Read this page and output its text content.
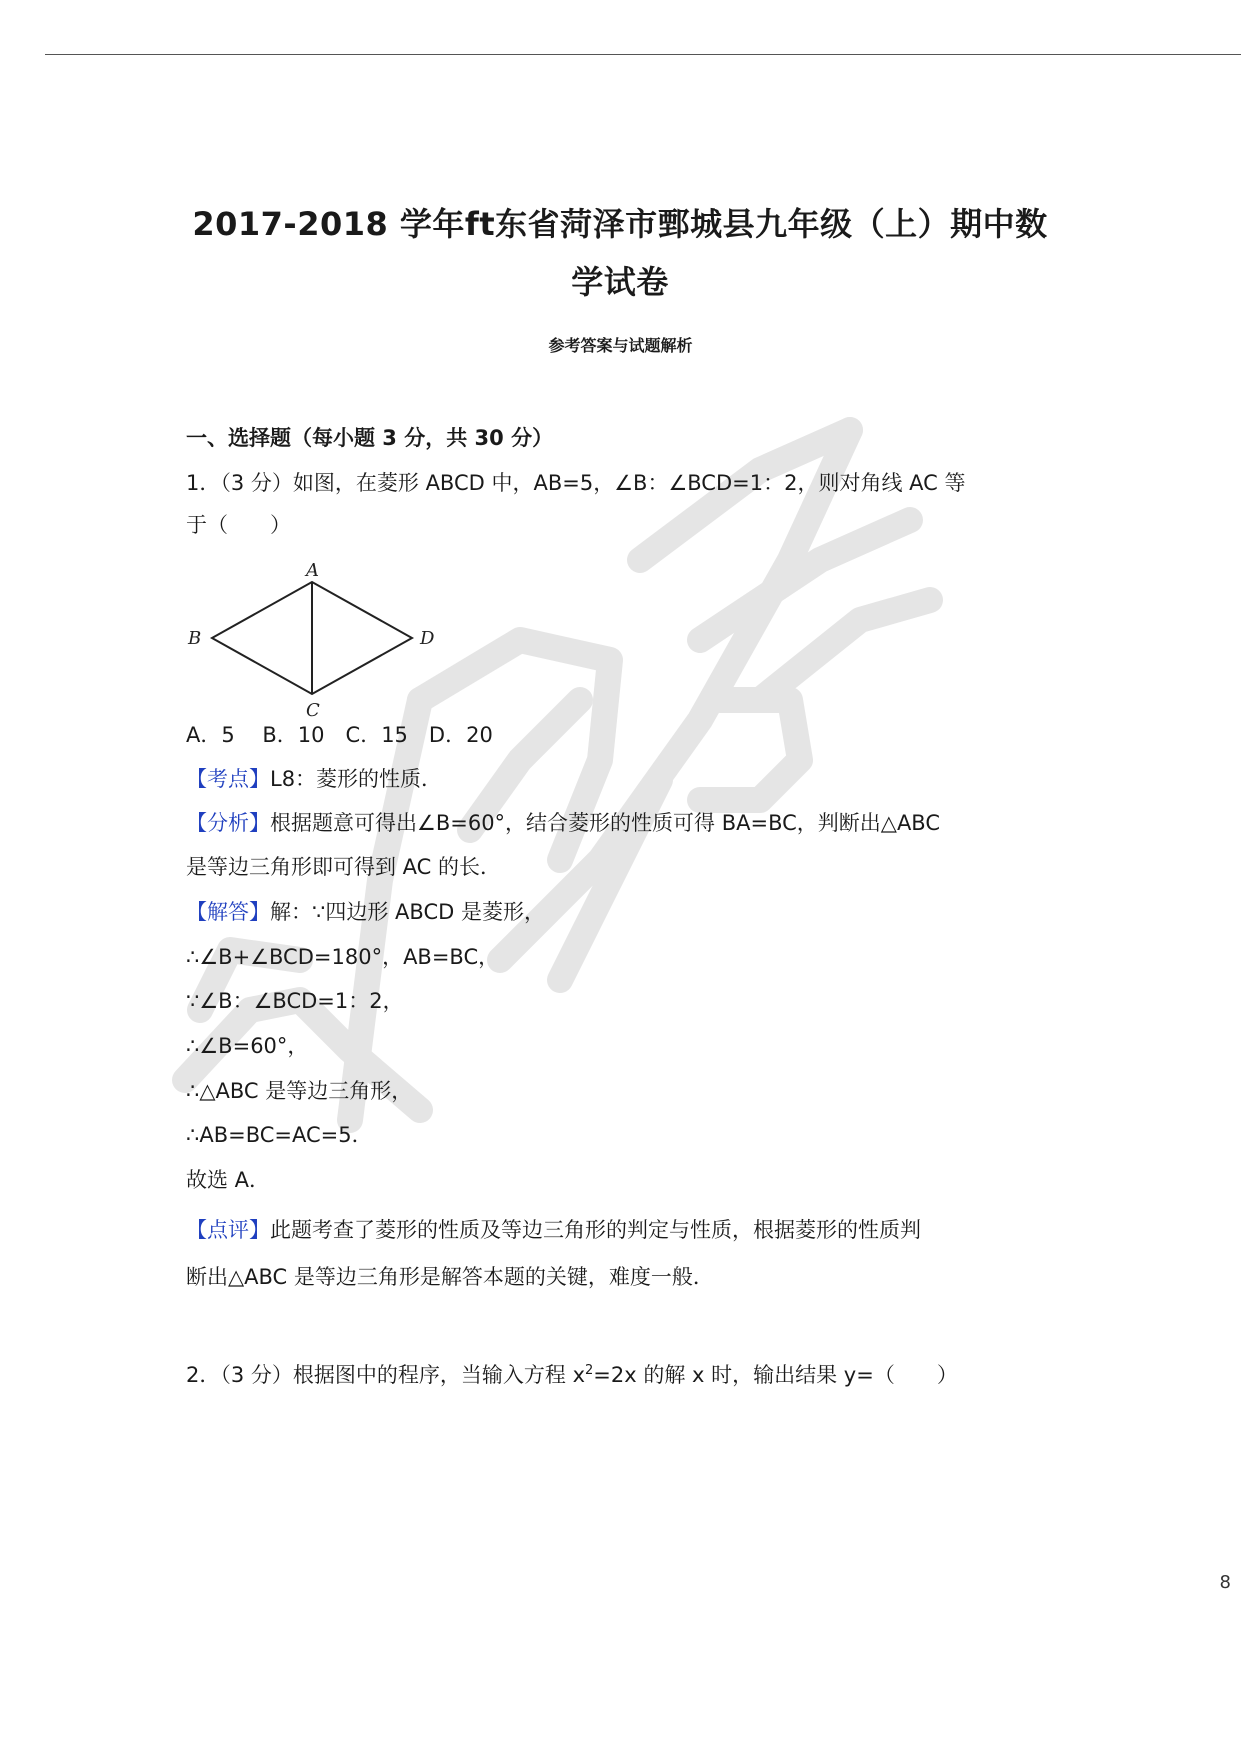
2017-2018 学年ft东省菏泽市鄄城县九年级（上）期中数
学试卷
参考答案与试题解析
一、选择题（每小题 3 分，共 30 分）
1．（3 分）如图，在菱形 ABCD 中，AB=5，∠B：∠BCD=1：2，则对角线 AC 等
于（　　）
A
B
C
D
A．5　 B．10　C．15　D．20
【考点】L8：菱形的性质．
【分析】根据题意可得出∠B=60°，结合菱形的性质可得 BA=BC，判断出△ABC
是等边三角形即可得到 AC 的长．
【解答】解：∵四边形 ABCD 是菱形，
∴∠B+∠BCD=180°，AB=BC，
∵∠B：∠BCD=1：2，
∴∠B=60°，
∴△ABC 是等边三角形，
∴AB=BC=AC=5．
故选 A．
【点评】此题考查了菱形的性质及等边三角形的判定与性质，根据菱形的性质判
断出△ABC 是等边三角形是解答本题的关键，难度一般．
2．（3 分）根据图中的程序，当输入方程 $x^2=2x$ 的解 x 时，输出结果 y=（　　）
8
